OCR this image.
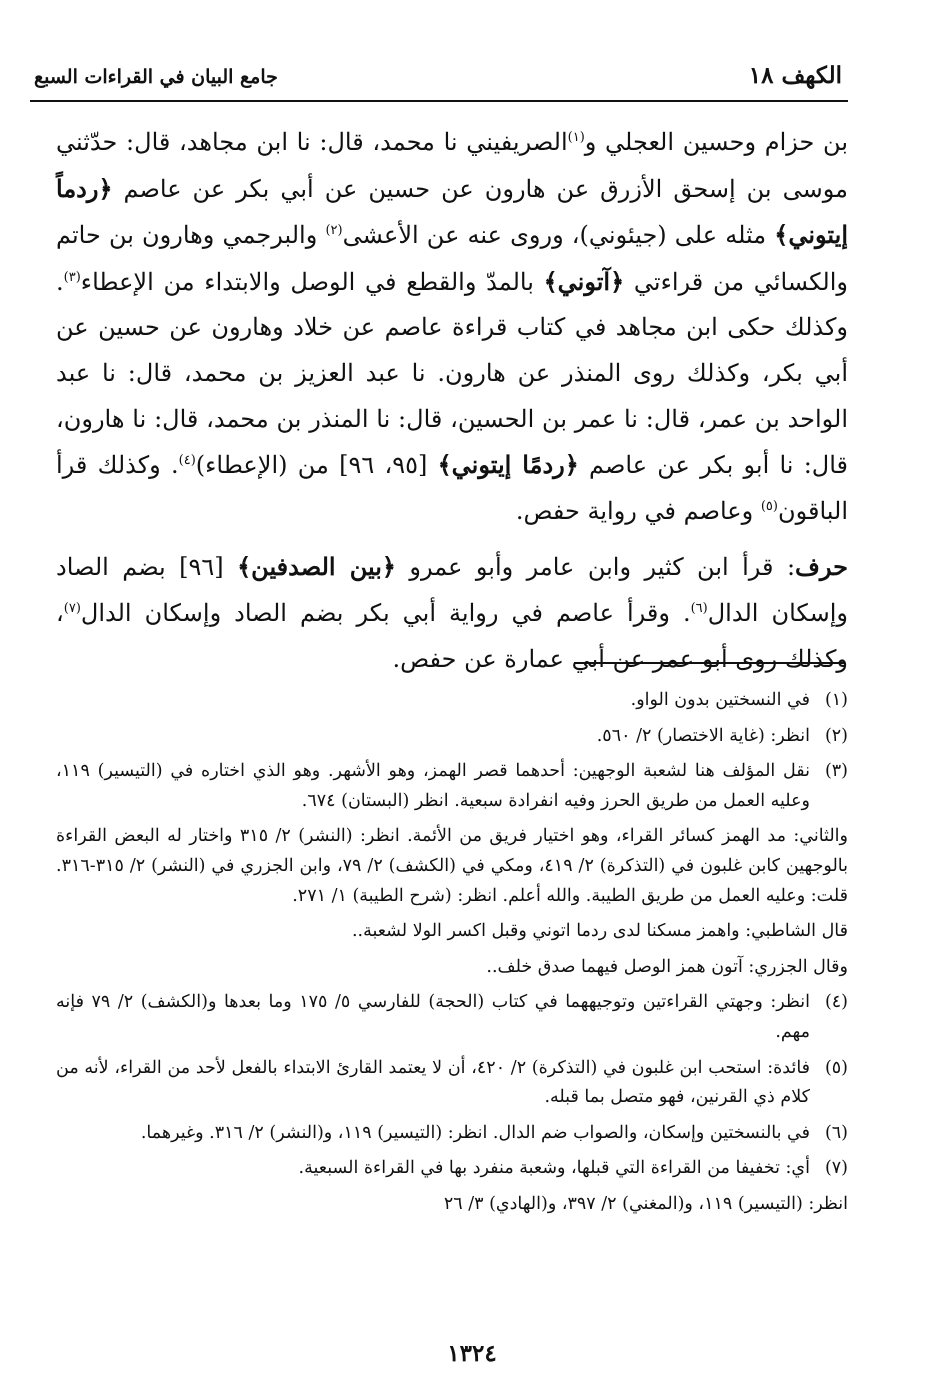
الكهف ١٨
جامع البيان في القراءات السبع

بن حزام وحسين العجلي و$^{(١)}$الصريفيني نا محمد، قال: نا ابن مجاهد، قال: حدّثني موسى بن إسحق الأزرق عن هارون عن حسين عن أبي بكر عن عاصم ﴿ردماً إيتوني﴾ مثله على (جيئوني)، وروى عنه عن الأعشى$^{(٢)}$ والبرجمي وهارون بن حاتم والكسائي من قراءتي ﴿آتوني﴾ بالمدّ والقطع في الوصل والابتداء من الإعطاء$^{(٣)}$. وكذلك حكى ابن مجاهد في كتاب قراءة عاصم عن خلاد وهارون عن حسين عن أبي بكر، وكذلك روى المنذر عن هارون. نا عبد العزيز بن محمد، قال: نا عبد الواحد بن عمر، قال: نا عمر بن الحسين، قال: نا المنذر بن محمد، قال: نا هارون، قال: نا أبو بكر عن عاصم ﴿ردمًا إيتوني﴾ [٩٥، ٩٦] من (الإعطاء)$^{(٤)}$. وكذلك قرأ الباقون$^{(٥)}$ وعاصم في رواية حفص.

حرف: قرأ ابن كثير وابن عامر وأبو عمرو ﴿بين الصدفين﴾ [٩٦] بضم الصاد وإسكان الدال$^{(٦)}$. وقرأ عاصم في رواية أبي بكر بضم الصاد وإسكان الدال$^{(٧)}$، وكذلك روى أبو عمر عن أبي عمارة عن حفص.

(١)
في النسختين بدون الواو.

(٢)
انظر: (غاية الاختصار) ٢/ ٥٦٠.

(٣)
نقل المؤلف هنا لشعبة الوجهين: أحدهما قصر الهمز، وهو الأشهر. وهو الذي اختاره في (التيسير) ١١٩، وعليه العمل من طريق الحرز وفيه انفرادة سبعية. انظر (البستان) ٦٧٤.

والثاني: مد الهمز كسائر القراء، وهو اختيار فريق من الأئمة. انظر: (النشر) ٢/ ٣١٥ واختار له البعض القراءة بالوجهين كابن غلبون في (التذكرة) ٢/ ٤١٩، ومكي في (الكشف) ٢/ ٧٩، وابن الجزري في (النشر) ٢/ ٣١٥-٣١٦. قلت: وعليه العمل من طريق الطيبة. والله أعلم. انظر: (شرح الطيبة) ١/ ٢٧١.

قال الشاطبي: واهمز مسكنا لدى ردما اتوني وقبل اكسر الولا لشعبة..

وقال الجزري: آتون همز الوصل فيهما صدق خلف..

(٤)
انظر: وجهتي القراءتين وتوجيههما في كتاب (الحجة) للفارسي ٥/ ١٧٥ وما بعدها و(الكشف) ٢/ ٧٩ فإنه مهم.

(٥)
فائدة: استحب ابن غلبون في (التذكرة) ٢/ ٤٢٠، أن لا يعتمد القارئ الابتداء بالفعل لأحد من القراء، لأنه من كلام ذي القرنين، فهو متصل بما قبله.

(٦)
في بالنسختين وإسكان، والصواب ضم الدال. انظر: (التيسير) ١١٩، و(النشر) ٢/ ٣١٦. وغيرهما.

(٧)
أي: تخفيفا من القراءة التي قبلها، وشعبة منفرد بها في القراءة السبعية.

انظر: (التيسير) ١١٩، و(المغني) ٢/ ٣٩٧، و(الهادي) ٣/ ٢٦

١٣٢٤
